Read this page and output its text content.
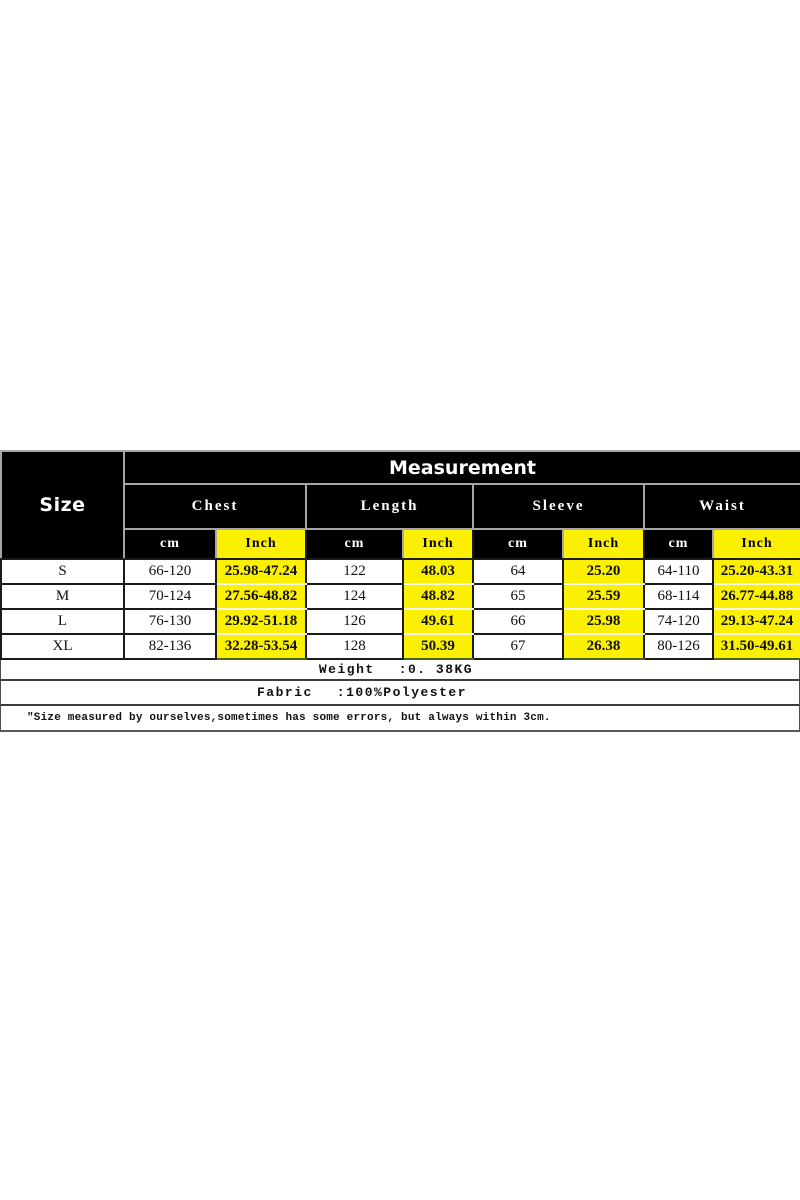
Size	Measurement							
	Chest		Length		Sleeve		Waist	
	cm	Inch	cm	Inch	cm	Inch	cm	Inch
S	66-120	25.98-47.24	122	48.03	64	25.20	64-110	25.20-43.31
M	70-124	27.56-48.82	124	48.82	65	25.59	68-114	26.77-44.88
L	76-130	29.92-51.18	126	49.61	66	25.98	74-120	29.13-47.24
XL	82-136	32.28-53.54	128	50.39	67	26.38	80-126	31.50-49.61
Weight :0. 38KG
Fabric :100%Polyester
"Size measured by ourselves,sometimes has some errors, but always within 3cm.
